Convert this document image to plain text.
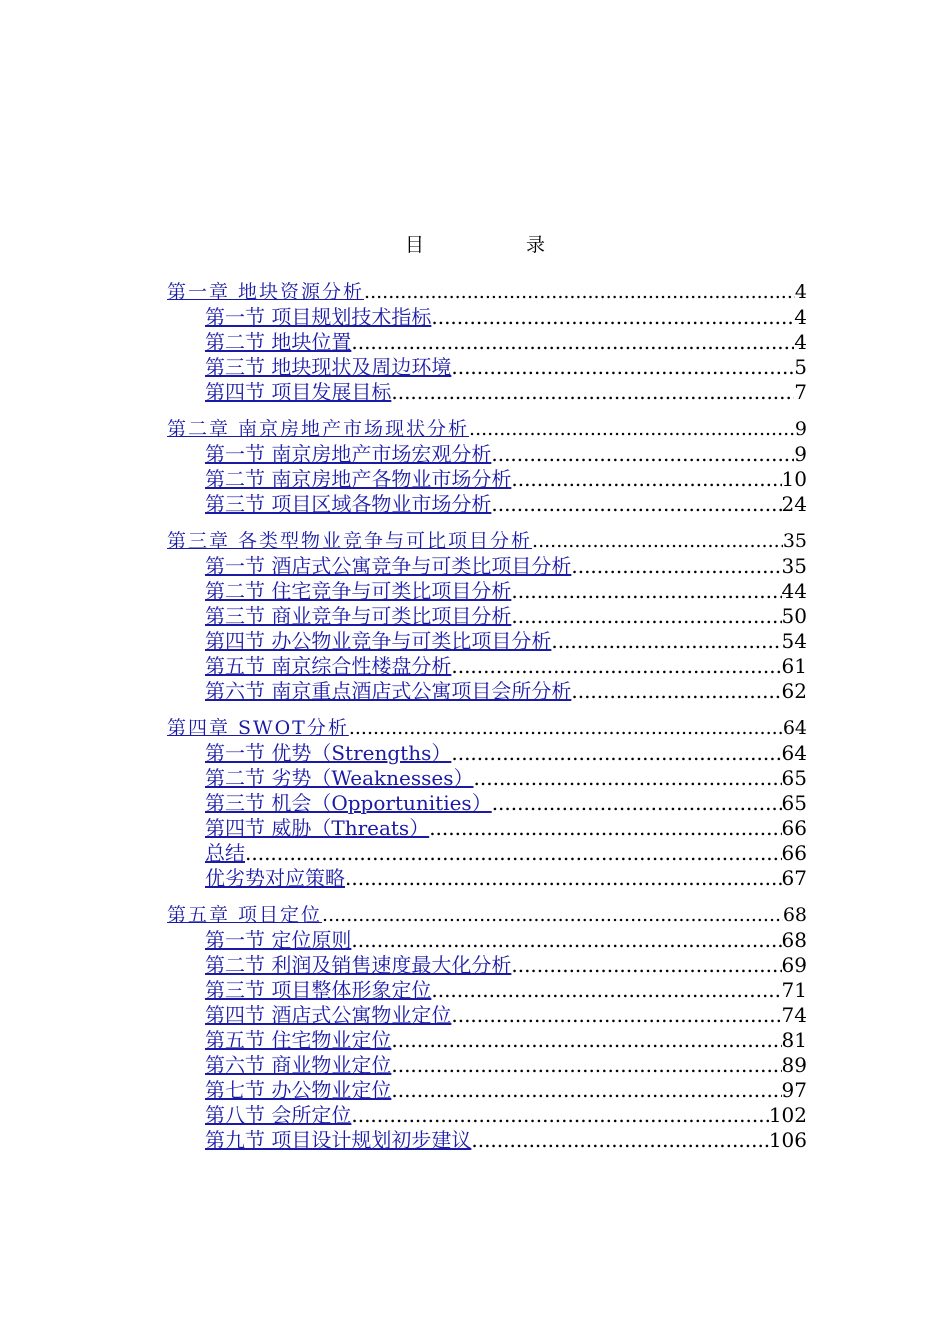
目 录
第一章 地块资源分析 .....	4
第一节 项目规划技术指标 .....	4
第二节 地块位置 .....	4
第三节 地块现状及周边环境 .....	5
第四节 项目发展目标 .....	7
第二章 南京房地产市场现状分析 .....	9
第一节 南京房地产市场宏观分析 .....	9
第二节 南京房地产各物业市场分析 .....	10
第三节 项目区域各物业市场分析 .....	24
第三章 各类型物业竞争与可比项目分析 .....	35
第一节 酒店式公寓竞争与可类比项目分析 .....	35
第二节 住宅竞争与可类比项目分析 .....	44
第三节 商业竞争与可类比项目分析 .....	50
第四节 办公物业竞争与可类比项目分析 .....	54
第五节 南京综合性楼盘分析 .....	61
第六节 南京重点酒店式公寓项目会所分析 .....	62
第四章 SWOT分析 .....	64
第一节 优势（Strengths） .....	64
第二节 劣势（Weaknesses） .....	65
第三节 机会（Opportunities） .....	65
第四节 威胁（Threats） .....	66
总结 .....	66
优劣势对应策略 .....	67
第五章 项目定位 .....	68
第一节 定位原则 .....	68
第二节 利润及销售速度最大化分析 .....	69
第三节 项目整体形象定位 .....	71
第四节 酒店式公寓物业定位 .....	74
第五节 住宅物业定位 .....	81
第六节 商业物业定位 .....	89
第七节 办公物业定位 .....	97
第八节 会所定位 .....	102
第九节 项目设计规划初步建议 .....	106
